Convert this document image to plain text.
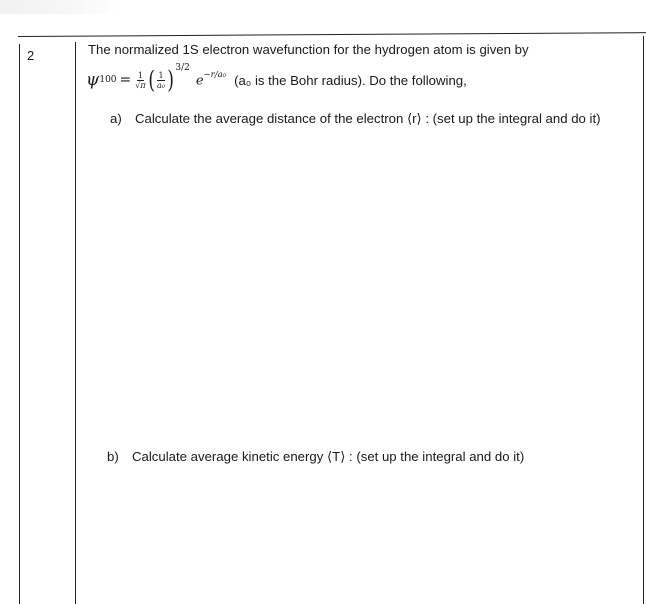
2	The normalized 1S electron wavefunction for the hydrogen atom is given by
ψ $100 = \frac{1}{√\pi}$ ( $\frac{1}{\text{a₀}}$ ) 3/2
$e^{-r/a_0}$ (a₀ is the Bohr radius). Do the following,
a) Calculate the average distance of the electron ⟨r⟩ : (set up the integral and do it)
b) Calculate average kinetic energy ⟨T⟩ : (set up the integral and do it)
